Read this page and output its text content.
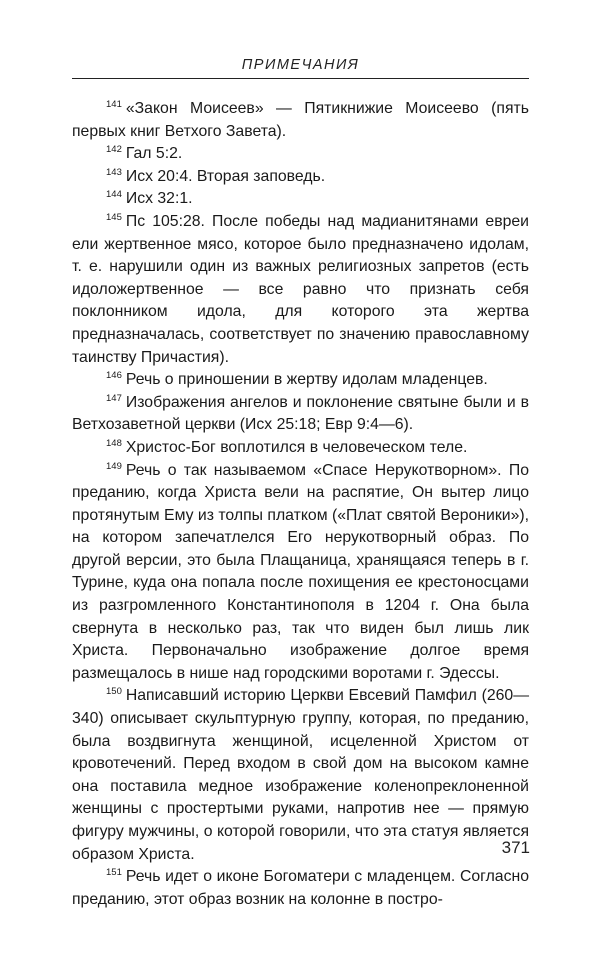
ПРИМЕЧАНИЯ

$^{141}$ «Закон Моисеев» — Пятикнижие Моисеево (пять первых книг Ветхого Завета).

$^{142}$ Гал 5:2.

$^{143}$ Исх 20:4. Вторая заповедь.

$^{144}$ Исх 32:1.

$^{145}$ Пс 105:28. После победы над мадианитянами евреи ели жертвенное мясо, которое было предназначено идолам, т. е. нарушили один из важных религиозных запретов (есть идоложертвенное — все равно что признать себя поклонником идола, для которого эта жертва предназначалась, соответствует по значению православному таинству Причастия).

$^{146}$ Речь о приношении в жертву идолам младенцев.

$^{147}$ Изображения ангелов и поклонение святыне были и в Ветхозаветной церкви (Исх 25:18; Евр 9:4—6).

$^{148}$ Христос-Бог воплотился в человеческом теле.

$^{149}$ Речь о так называемом «Спасе Нерукотворном». По преданию, когда Христа вели на распятие, Он вытер лицо протянутым Ему из толпы платком («Плат святой Вероники»), на котором запечатлелся Его нерукотворный образ. По другой версии, это была Плащаница, хранящаяся теперь в г. Турине, куда она попала после похищения ее крестоносцами из разгромленного Константинополя в 1204 г. Она была свернута в несколько раз, так что виден был лишь лик Христа. Первоначально изображение долгое время размещалось в нише над городскими воротами г. Эдессы.

$^{150}$ Написавший историю Церкви Евсевий Памфил (260—340) описывает скульптурную группу, которая, по преданию, была воздвигнута женщиной, исцеленной Христом от кровотечений. Перед входом в свой дом на высоком камне она поставила медное изображение коленопреклоненной женщины с простертыми руками, напротив нее — прямую фигуру мужчины, о которой говорили, что эта статуя является образом Христа.

$^{151}$ Речь идет о иконе Богоматери с младенцем. Согласно преданию, этот образ возник на колонне в постро-

371
